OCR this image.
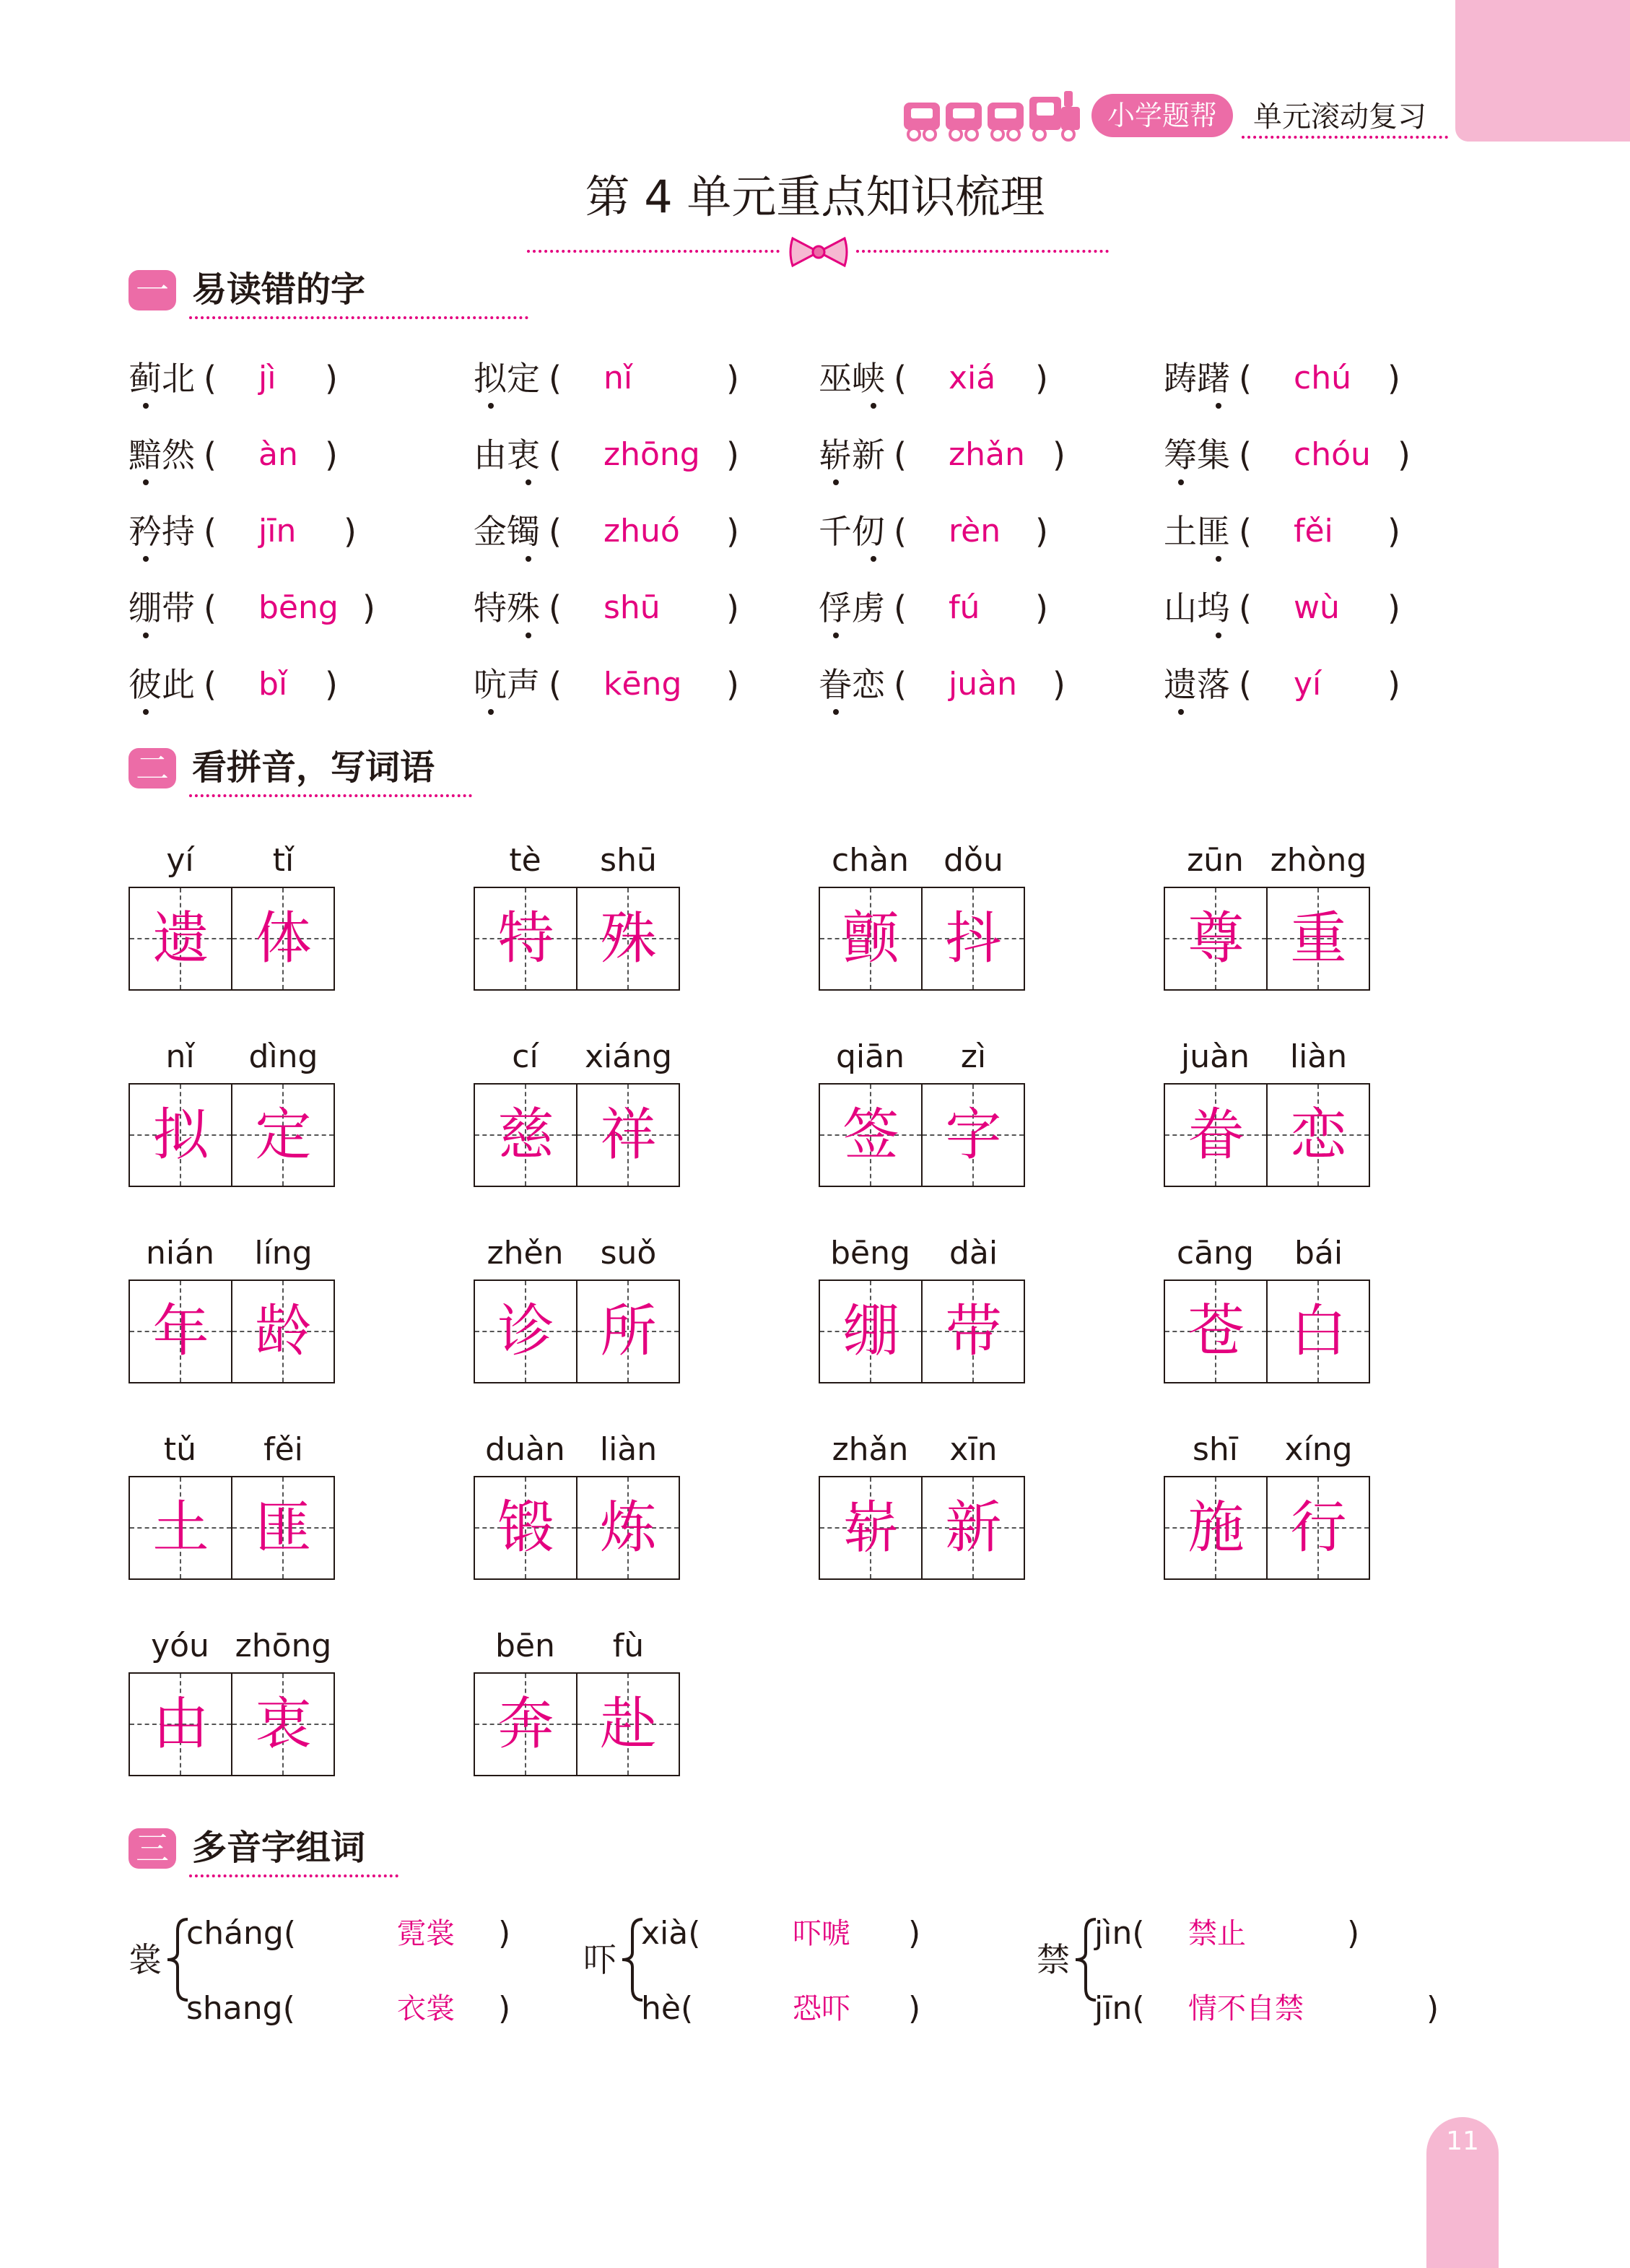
小学题帮	单元滚动复习
第 4 单元重点知识梳理
一 易读错的字
蓟北 ( jì )	拟定 ( nǐ	) 巫峡 ( xiá )	踌躇 ( chú )
黯然 ( àn )	由衷 ( zhōng ) 崭新 ( zhǎn )	筹集 ( chóu )
矜持 ( jīn )	金镯 ( zhuó ) 千仞 ( rèn )	土匪 ( fěi )
绷带 ( bēng )	特殊 ( shū ) 俘虏 ( fú )	山坞 ( wù )
彼此 ( bǐ )	吭声 ( kēng ) 眷恋 ( juàn )	遗落 ( yí )
二 看拼音，写词语
yí	tǐ
遗 体
tè	shū
特 殊
chàn	dǒu
颤 抖
zūn zhòng
尊 重
nǐ	dìng
拟 定
cí	xiáng
慈 祥
qiān	zì
签 字
juàn	liàn
眷 恋
nián	líng
年 龄
zhěn	suǒ
诊 所
bēng	dài
绷 带
cāng	bái
苍 白
tǔ	fěi
土 匪
duàn	liàn
锻 炼
zhǎn	xīn
崭 新
shī	xíng
施 行
yóu zhōng
由 衷
bēn	fù
奔 赴
三 多音字组词
裳
cháng(	霓裳 )
shang(	衣裳 )
吓
xià(	吓唬 )
hè(	恐吓 )
禁
jìn( 禁止	)
jīn( 情不自禁	)
11
